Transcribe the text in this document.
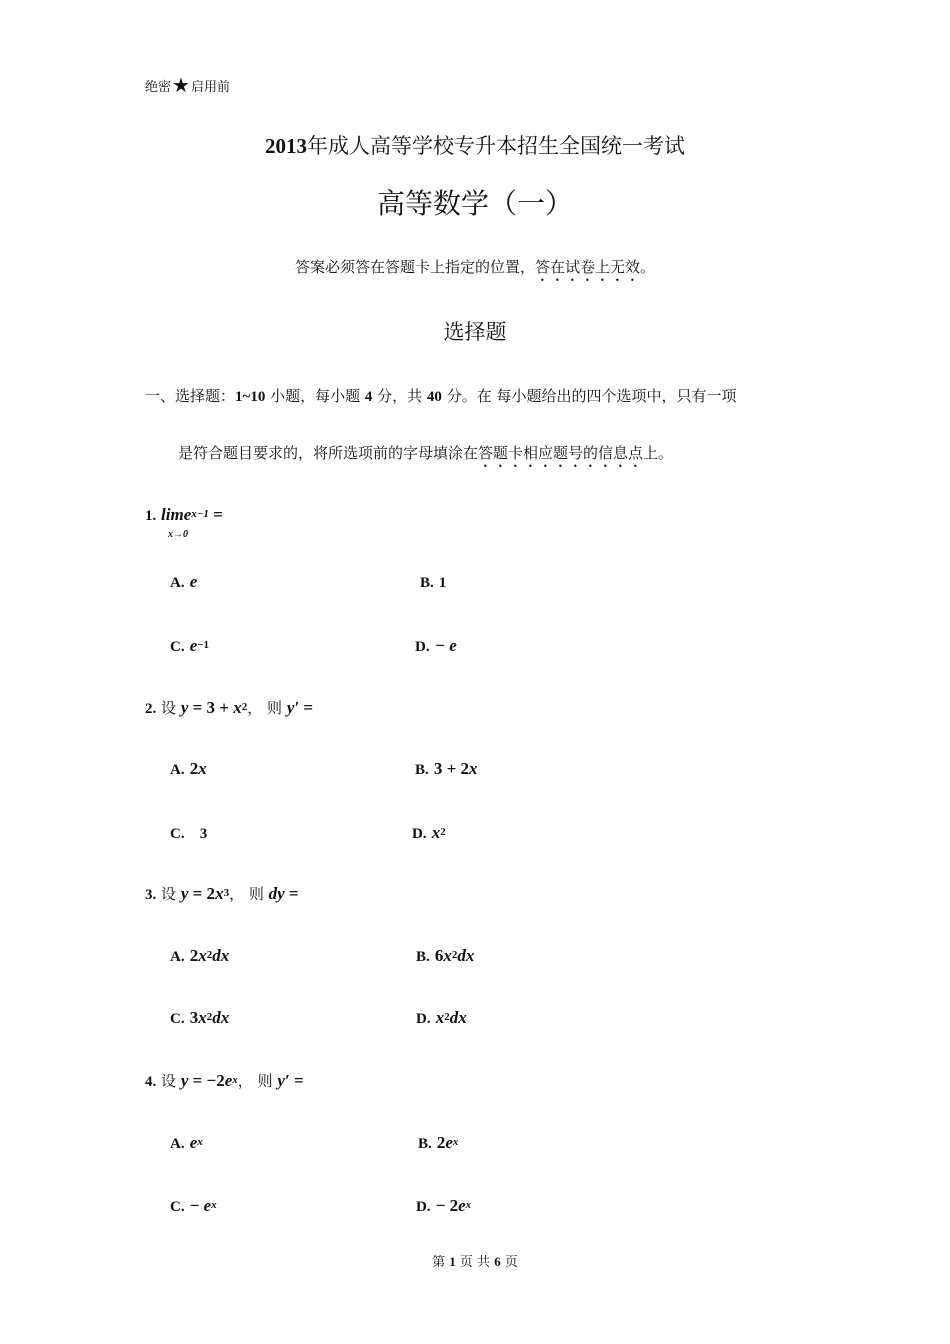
绝密★启用前
2013年成人高等学校专升本招生全国统一考试
高等数学（一）
答案必须答在答题卡上指定的位置，答在试卷上无效。
选择题
一、选择题：1~10 小题，每小题 4 分，共 40 分。在 每小题给出的四个选项中，只有一项
是符合题目要求的，将所选项前的字母填涂在答题卡相应题号的信息点上。
1. lime$^{x-1}$ =
x→0
A. e	B. 1
C. e−1	D. − e
2. 设 $y = 3 + x^2$， 则 y′ =
A. 2x	B. 3 + 2x
C. 3	D. x2
3. 设 $y = 2x^3$， 则 dy =
A. 2x2dx	B. 6x2dx
C. 3x2dx	D. x2dx
4. 设 $y = -2e^x$， 则 y′ =
A. ex	B. 2ex
C. − ex	D. − 2ex
第 1 页 共 6 页
